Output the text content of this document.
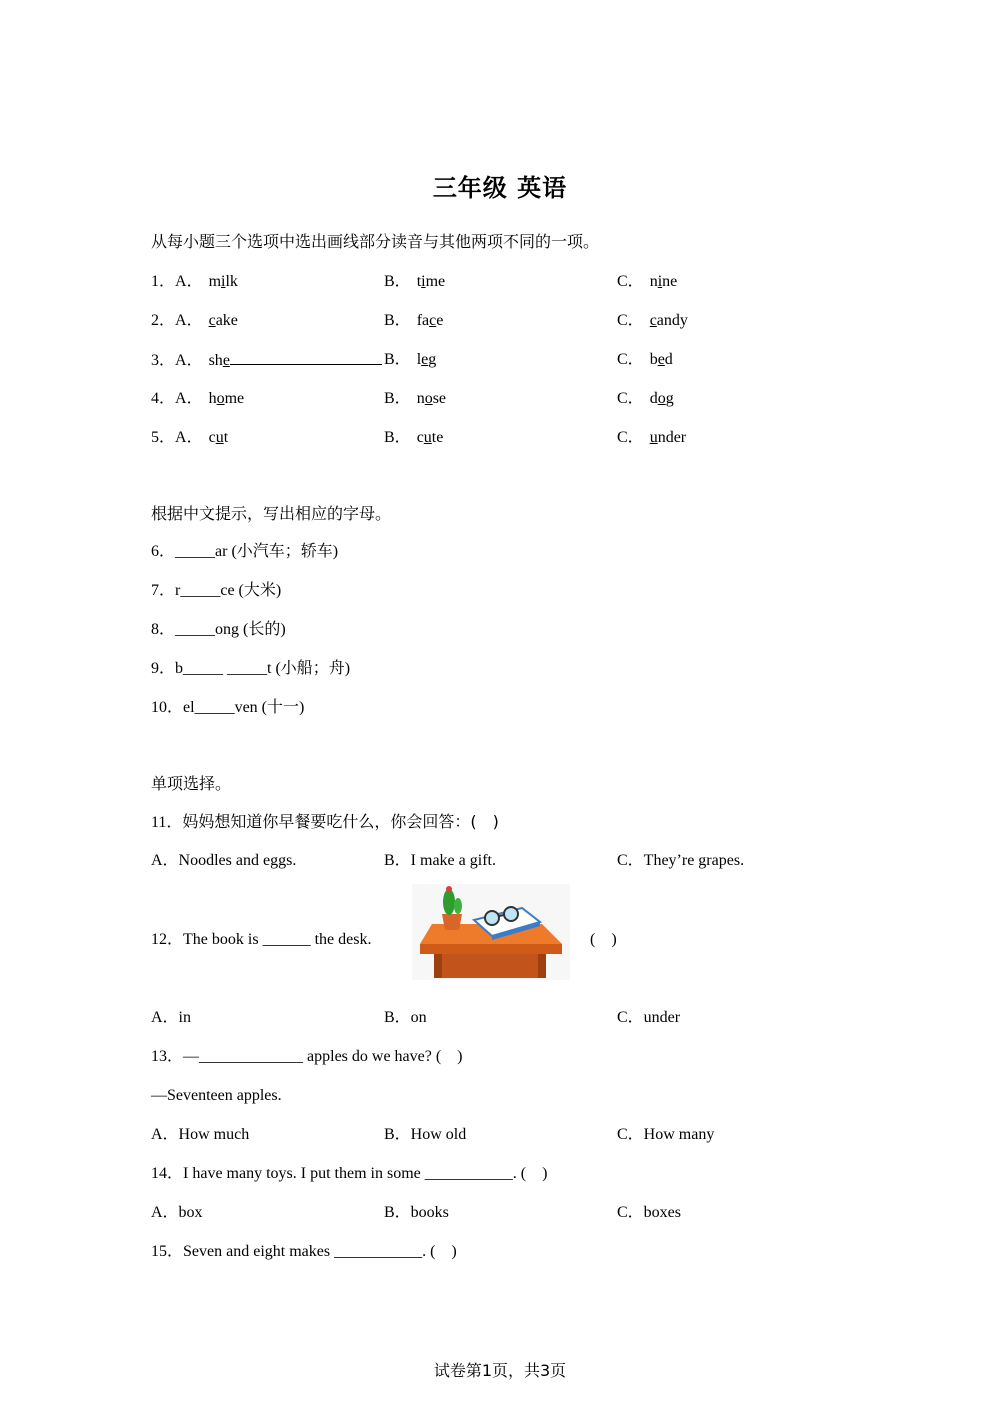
三年级 英语
从每小题三个选项中选出画线部分读音与其他两项不同的一项。
1．A． milk	B． time	C． nine
2．A． cake	B． face	C． candy
3．A． she	B． leg	C． bed
4．A． home	B． nose	C． dog
5．A． cut	B． cute	C． under
根据中文提示，写出相应的字母。
6．_____ar (小汽车；轿车)
7．r_____ce (大米)
8．_____ong (长的)
9．b_____ _____t (小船；舟)
10．el_____ven (十一)
单项选择。
11．妈妈想知道你早餐要吃什么，你会回答：(　)
A．Noodles and eggs.	B．I make a gift.	C．They’re grapes.
12．The book is ______ the desk.	(　)
A．in	B．on	C．under
13．—_____________ apples do we have? (　)
—Seventeen apples.
A．How much	B．How old	C．How many
14．I have many toys. I put them in some ___________. (　)
A．box	B．books	C．boxes
15．Seven and eight makes ___________. (　)
试卷第1页，共3页
